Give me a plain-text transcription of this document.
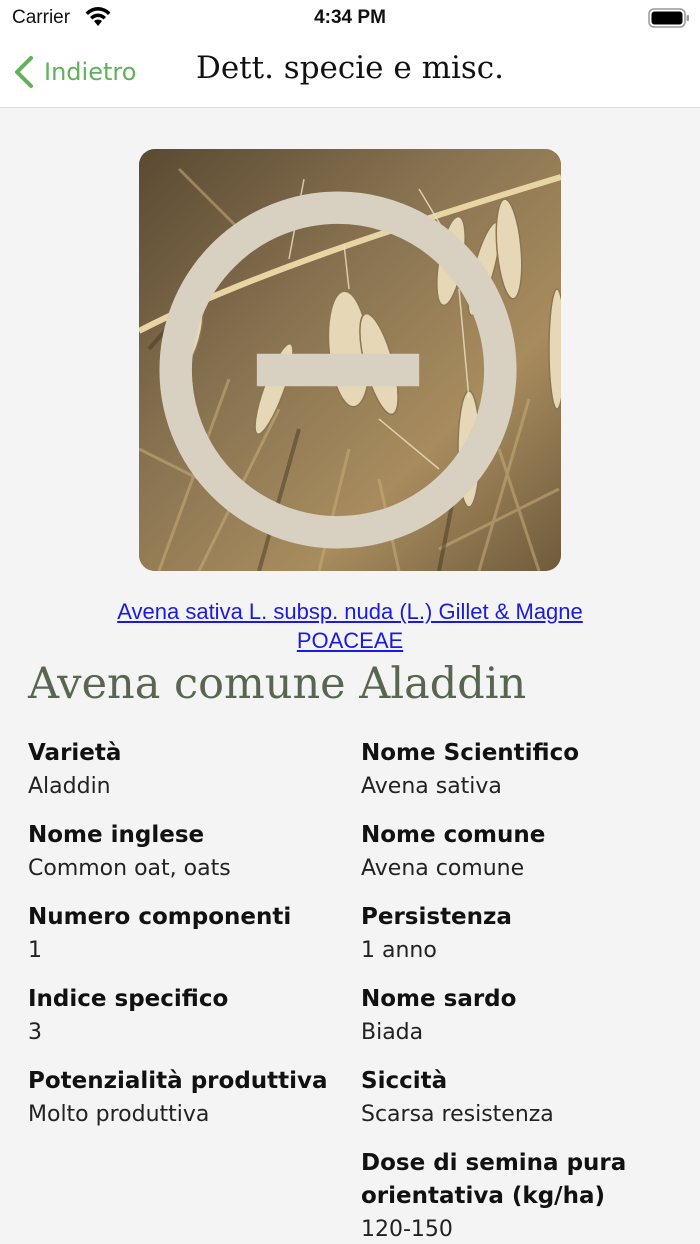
Carrier	4:34 PM
Indietro	Dett. specie e misc.
Avena sativa L. subsp. nuda (L.) Gillet & Magne
POACEAE
Avena comune Aladdin
Varietà
Aladdin
Nome Scientifico
Avena sativa
Nome inglese
Common oat, oats
Nome comune
Avena comune
Numero componenti
1
Persistenza
1 anno
Indice specifico
3
Nome sardo
Biada
Potenzialità produttiva
Molto produttiva
Siccità
Scarsa resistenza
Dose di semina pura orientativa (kg/ha)
120-150
